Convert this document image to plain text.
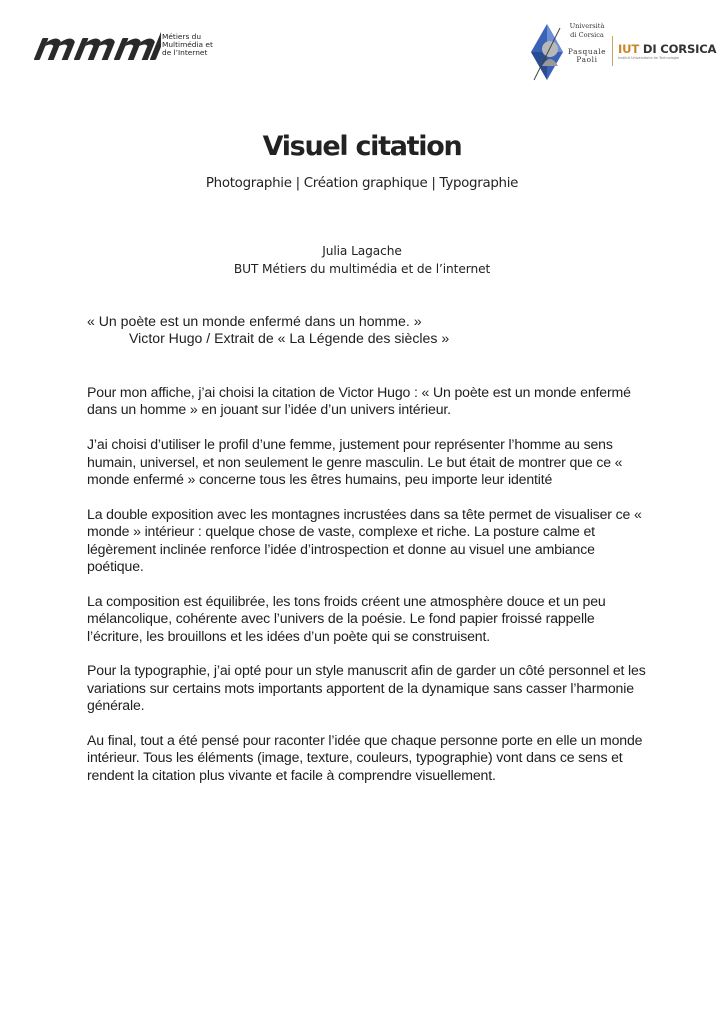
Métiers du
Multimédia et
de l’Internet
Università
di Corsica
Pasquale
Paoli
IUT DI CORSICA
Institut Universitaire de Technologie
Visuel citation
Photographie | Création graphique | Typographie
Julia Lagache
BUT Métiers du multimédia et de l’internet
« Un poète est un monde enfermé dans un homme. »
Victor Hugo / Extrait de « La Légende des siècles »

Pour mon affiche, j’ai choisi la citation de Victor Hugo : « Un poète est un monde enfermé dans un homme » en jouant sur l’idée d’un univers intérieur.

J’ai choisi d’utiliser le profil d’une femme, justement pour représenter l’homme au sens humain, universel, et non seulement le genre masculin. Le but était de montrer que ce « monde enfermé » concerne tous les êtres humains, peu importe leur identité

La double exposition avec les montagnes incrustées dans sa tête permet de visualiser ce « monde » intérieur : quelque chose de vaste, complexe et riche. La posture calme et légèrement inclinée renforce l’idée d’introspection et donne au visuel une ambiance poétique.

La composition est équilibrée, les tons froids créent une atmosphère douce et un peu mélancolique, cohérente avec l’univers de la poésie. Le fond papier froissé rappelle l’écriture, les brouillons et les idées d’un poète qui se construisent.

Pour la typographie, j’ai opté pour un style manuscrit afin de garder un côté personnel et les variations sur certains mots importants apportent de la dynamique sans casser l’harmonie générale.

Au final, tout a été pensé pour raconter l’idée que chaque personne porte en elle un monde intérieur. Tous les éléments (image, texture, couleurs, typographie) vont dans ce sens et rendent la citation plus vivante et facile à comprendre visuellement.
